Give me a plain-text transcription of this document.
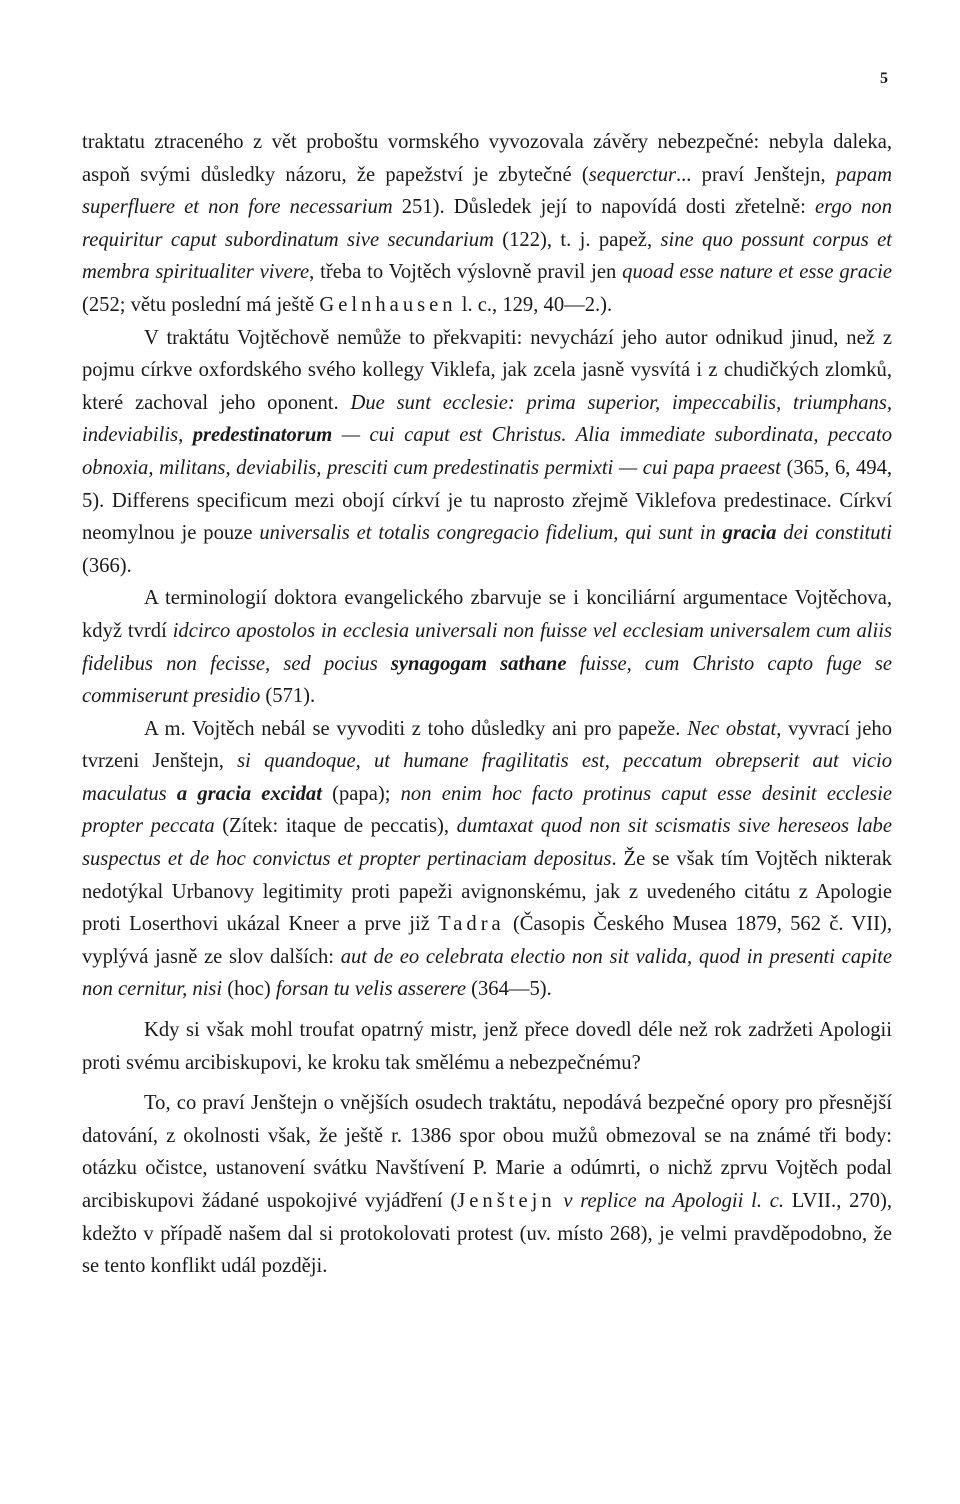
5

traktatu ztraceného z vět proboštu vormského vyvozovala závěry nebezpečné: nebyla daleka, aspoň svými důsledky názoru, že papežství je zbytečné (sequerctur... praví Jenštejn, papam superfluere et non fore necessarium 251). Důsledek její to napovídá dosti zřetelně: ergo non requiritur caput subordinatum sive secundarium (122), t. j. papež, sine quo possunt corpus et membra spiritualiter vivere, třeba to Vojtěch výslovně pravil jen quoad esse nature et esse gracie (252; větu poslední má ještě Gelnhausen l. c., 129, 40—2.).

V traktátu Vojtěchově nemůže to překvapiti: nevychází jeho autor odnikud jinud, než z pojmu církve oxfordského svého kollegy Viklefa, jak zcela jasně vysvítá i z chudičkých zlomků, které zachoval jeho oponent. Due sunt ecclesie: prima superior, impeccabilis, triumphans, indeviabilis, predestinatorum — cui caput est Christus. Alia immediate subordinata, peccato obnoxia, militans, deviabilis, presciti cum predestinatis permixti — cui papa praeest (365, 6, 494, 5). Differens specificum mezi obojí církví je tu naprosto zřejmě Viklefova predestinace. Církví neomylnou je pouze universalis et totalis congregacio fidelium, qui sunt in gracia dei constituti (366).

A terminologií doktora evangelického zbarvuje se i konciliární argumentace Vojtěchova, když tvrdí idcirco apostolos in ecclesia universali non fuisse vel ecclesiam universalem cum aliis fidelibus non fecisse, sed pocius synagogam sathane fuisse, cum Christo capto fuge se commiserunt presidio (571).

A m. Vojtěch nebál se vyvoditi z toho důsledky ani pro papeže. Nec obstat, vyvrací jeho tvrzeni Jenštejn, si quandoque, ut humane fragilitatis est, peccatum obrepserit aut vicio maculatus a gracia excidat (papa); non enim hoc facto protinus caput esse desinit ecclesie propter peccata (Zítek: itaque de peccatis), dumtaxat quod non sit scismatis sive hereseos labe suspectus et de hoc convictus et propter pertinaciam depositus. Že se však tím Vojtěch nikterak nedotýkal Urbanovy legitimity proti papeži avignonskému, jak z uvedeného citátu z Apologie proti Loserthovi ukázal Kneer a prve již Tadra (Časopis Českého Musea 1879, 562 č. VII), vyplývá jasně ze slov dalších: aut de eo celebrata electio non sit valida, quod in presenti capite non cernitur, nisi (hoc) forsan tu velis asserere (364—5).

Kdy si však mohl troufat opatrný mistr, jenž přece dovedl déle než rok zadržeti Apologii proti svému arcibiskupovi, ke kroku tak smělému a nebezpečnému?

To, co praví Jenštejn o vnějších osudech traktátu, nepodává bezpečné opory pro přesnější datování, z okolnosti však, že ještě r. 1386 spor obou mužů obmezoval se na známé tři body: otázku očistce, ustanovení svátku Navštívení P. Marie a odúmrti, o nichž zprvu Vojtěch podal arcibiskupovi žádané uspokojivé vyjádření (Jenštejn v replice na Apologii l. c. LVII., 270), kdežto v případě našem dal si protokolovati protest (uv. místo 268), je velmi pravděpodobno, že se tento konflikt udál později.
